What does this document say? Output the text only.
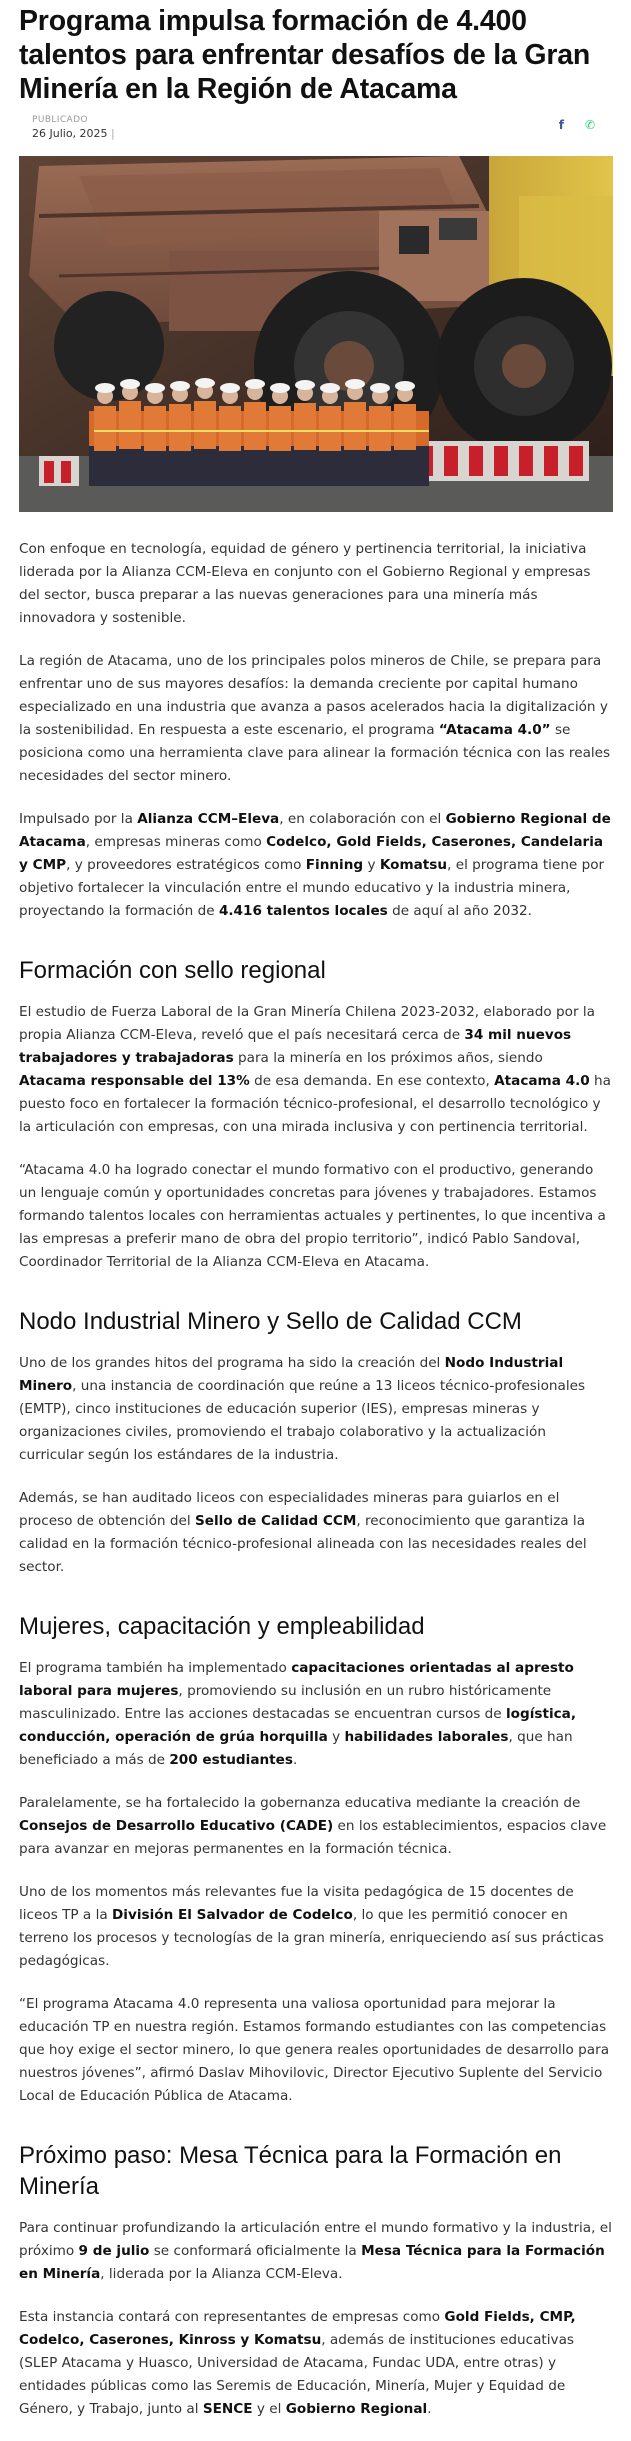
Programa impulsa formación de 4.400 talentos para enfrentar desafíos de la Gran Minería en la Región de Atacama
PUBLICADO
26 Julio, 2025 |
f ✆

Con enfoque en tecnología, equidad de género y pertinencia territorial, la iniciativa liderada por la Alianza CCM-Eleva en conjunto con el Gobierno Regional y empresas del sector, busca preparar a las nuevas generaciones para una minería más innovadora y sostenible.

La región de Atacama, uno de los principales polos mineros de Chile, se prepara para enfrentar uno de sus mayores desafíos: la demanda creciente por capital humano especializado en una industria que avanza a pasos acelerados hacia la digitalización y la sostenibilidad. En respuesta a este escenario, el programa “Atacama 4.0” se posiciona como una herramienta clave para alinear la formación técnica con las reales necesidades del sector minero.

Impulsado por la Alianza CCM–Eleva, en colaboración con el Gobierno Regional de Atacama, empresas mineras como Codelco, Gold Fields, Caserones, Candelaria y CMP, y proveedores estratégicos como Finning y Komatsu, el programa tiene por objetivo fortalecer la vinculación entre el mundo educativo y la industria minera, proyectando la formación de 4.416 talentos locales de aquí al año 2032.

Formación con sello regional

El estudio de Fuerza Laboral de la Gran Minería Chilena 2023-2032, elaborado por la propia Alianza CCM-Eleva, reveló que el país necesitará cerca de 34 mil nuevos trabajadores y trabajadoras para la minería en los próximos años, siendo Atacama responsable del 13% de esa demanda. En ese contexto, Atacama 4.0 ha puesto foco en fortalecer la formación técnico-profesional, el desarrollo tecnológico y la articulación con empresas, con una mirada inclusiva y con pertinencia territorial.

“Atacama 4.0 ha logrado conectar el mundo formativo con el productivo, generando un lenguaje común y oportunidades concretas para jóvenes y trabajadores. Estamos formando talentos locales con herramientas actuales y pertinentes, lo que incentiva a las empresas a preferir mano de obra del propio territorio”, indicó Pablo Sandoval, Coordinador Territorial de la Alianza CCM-Eleva en Atacama.

Nodo Industrial Minero y Sello de Calidad CCM

Uno de los grandes hitos del programa ha sido la creación del Nodo Industrial Minero, una instancia de coordinación que reúne a 13 liceos técnico-profesionales (EMTP), cinco instituciones de educación superior (IES), empresas mineras y organizaciones civiles, promoviendo el trabajo colaborativo y la actualización curricular según los estándares de la industria.

Además, se han auditado liceos con especialidades mineras para guiarlos en el proceso de obtención del Sello de Calidad CCM, reconocimiento que garantiza la calidad en la formación técnico-profesional alineada con las necesidades reales del sector.

Mujeres, capacitación y empleabilidad

El programa también ha implementado capacitaciones orientadas al apresto laboral para mujeres, promoviendo su inclusión en un rubro históricamente masculinizado. Entre las acciones destacadas se encuentran cursos de logística, conducción, operación de grúa horquilla y habilidades laborales, que han beneficiado a más de 200 estudiantes.

Paralelamente, se ha fortalecido la gobernanza educativa mediante la creación de Consejos de Desarrollo Educativo (CADE) en los establecimientos, espacios clave para avanzar en mejoras permanentes en la formación técnica.

Uno de los momentos más relevantes fue la visita pedagógica de 15 docentes de liceos TP a la División El Salvador de Codelco, lo que les permitió conocer en terreno los procesos y tecnologías de la gran minería, enriqueciendo así sus prácticas pedagógicas.

“El programa Atacama 4.0 representa una valiosa oportunidad para mejorar la educación TP en nuestra región. Estamos formando estudiantes con las competencias que hoy exige el sector minero, lo que genera reales oportunidades de desarrollo para nuestros jóvenes”, afirmó Daslav Mihovilovic, Director Ejecutivo Suplente del Servicio Local de Educación Pública de Atacama.

Próximo paso: Mesa Técnica para la Formación en Minería

Para continuar profundizando la articulación entre el mundo formativo y la industria, el próximo 9 de julio se conformará oficialmente la Mesa Técnica para la Formación en Minería, liderada por la Alianza CCM-Eleva.

Esta instancia contará con representantes de empresas como Gold Fields, CMP, Codelco, Caserones, Kinross y Komatsu, además de instituciones educativas (SLEP Atacama y Huasco, Universidad de Atacama, Fundac UDA, entre otras) y entidades públicas como las Seremis de Educación, Minería, Mujer y Equidad de Género, y Trabajo, junto al SENCE y el Gobierno Regional.
